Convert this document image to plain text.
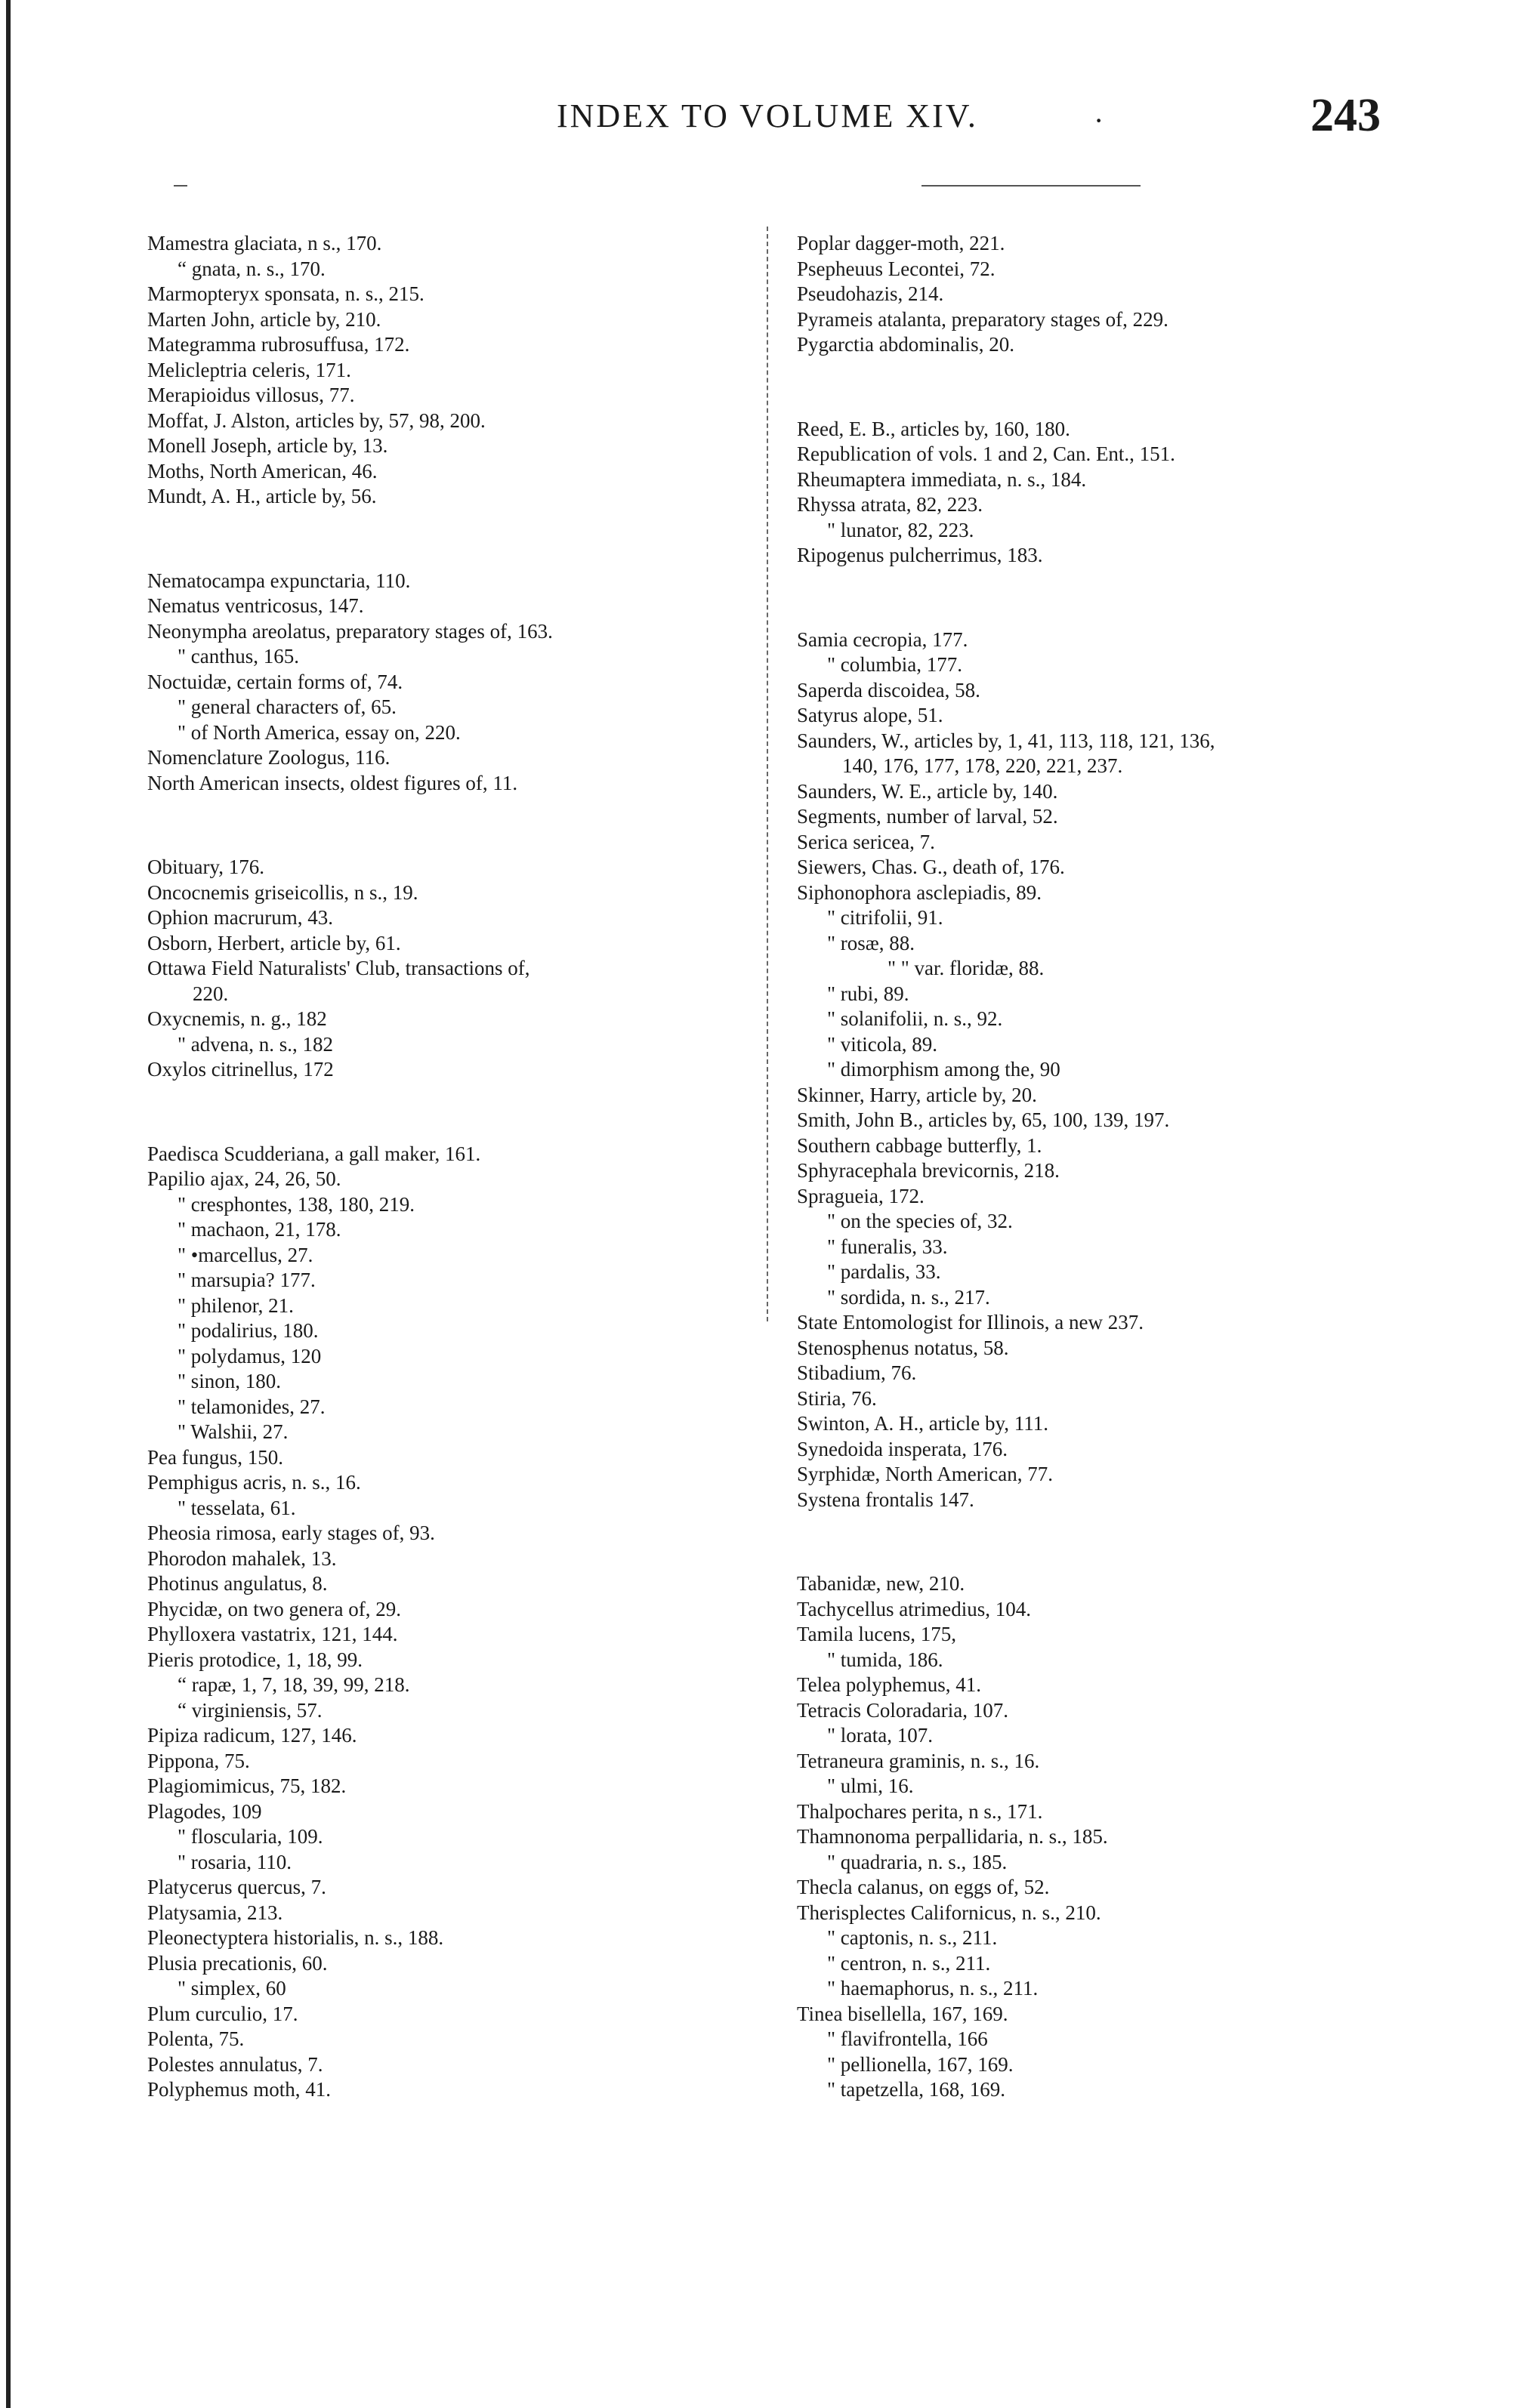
INDEX TO VOLUME XIV.	·	243
Mamestra glaciata, n s., 170.
“ gnata, n. s., 170.
Marmopteryx sponsata, n. s., 215.
Marten John, article by, 210.
Mategramma rubrosuffusa, 172.
Melicleptria celeris, 171.
Merapioidus villosus, 77.
Moffat, J. Alston, articles by, 57, 98, 200.
Monell Joseph, article by, 13.
Moths, North American, 46.
Mundt, A. H., article by, 56.
Nematocampa expunctaria, 110.
Nematus ventricosus, 147.
Neonympha areolatus, preparatory stages of, 163.
" canthus, 165.
Noctuidæ, certain forms of, 74.
" general characters of, 65.
" of North America, essay on, 220.
Nomenclature Zoologus, 116.
North American insects, oldest figures of, 11.
Obituary, 176.
Oncocnemis griseicollis, n s., 19.
Ophion macrurum, 43.
Osborn, Herbert, article by, 61.
Ottawa Field Naturalists' Club, transactions of,
220.
Oxycnemis, n. g., 182
" advena, n. s., 182
Oxylos citrinellus, 172
Paedisca Scudderiana, a gall maker, 161.
Papilio ajax, 24, 26, 50.
" cresphontes, 138, 180, 219.
" machaon, 21, 178.
" •marcellus, 27.
" marsupia? 177.
" philenor, 21.
" podalirius, 180.
" polydamus, 120
" sinon, 180.
" telamonides, 27.
" Walshii, 27.
Pea fungus, 150.
Pemphigus acris, n. s., 16.
" tesselata, 61.
Pheosia rimosa, early stages of, 93.
Phorodon mahalek, 13.
Photinus angulatus, 8.
Phycidæ, on two genera of, 29.
Phylloxera vastatrix, 121, 144.
Pieris protodice, 1, 18, 99.
“ rapæ, 1, 7, 18, 39, 99, 218.
“ virginiensis, 57.
Pipiza radicum, 127, 146.
Pippona, 75.
Plagiomimicus, 75, 182.
Plagodes, 109
" floscularia, 109.
" rosaria, 110.
Platycerus quercus, 7.
Platysamia, 213.
Pleonectyptera historialis, n. s., 188.
Plusia precationis, 60.
" simplex, 60
Plum curculio, 17.
Polenta, 75.
Polestes annulatus, 7.
Polyphemus moth, 41.
Poplar dagger-moth, 221.
Psepheuus Lecontei, 72.
Pseudohazis, 214.
Pyrameis atalanta, preparatory stages of, 229.
Pygarctia abdominalis, 20.
Reed, E. B., articles by, 160, 180.
Republication of vols. 1 and 2, Can. Ent., 151.
Rheumaptera immediata, n. s., 184.
Rhyssa atrata, 82, 223.
" lunator, 82, 223.
Ripogenus pulcherrimus, 183.
Samia cecropia, 177.
" columbia, 177.
Saperda discoidea, 58.
Satyrus alope, 51.
Saunders, W., articles by, 1, 41, 113, 118, 121, 136,
140, 176, 177, 178, 220, 221, 237.
Saunders, W. E., article by, 140.
Segments, number of larval, 52.
Serica sericea, 7.
Siewers, Chas. G., death of, 176.
Siphonophora asclepiadis, 89.
" citrifolii, 91.
" rosæ, 88.
" " var. floridæ, 88.
" rubi, 89.
" solanifolii, n. s., 92.
" viticola, 89.
" dimorphism among the, 90
Skinner, Harry, article by, 20.
Smith, John B., articles by, 65, 100, 139, 197.
Southern cabbage butterfly, 1.
Sphyracephala brevicornis, 218.
Spragueia, 172.
" on the species of, 32.
" funeralis, 33.
" pardalis, 33.
" sordida, n. s., 217.
State Entomologist for Illinois, a new 237.
Stenosphenus notatus, 58.
Stibadium, 76.
Stiria, 76.
Swinton, A. H., article by, 111.
Synedoida insperata, 176.
Syrphidæ, North American, 77.
Systena frontalis 147.
Tabanidæ, new, 210.
Tachycellus atrimedius, 104.
Tamila lucens, 175,
" tumida, 186.
Telea polyphemus, 41.
Tetracis Coloradaria, 107.
" lorata, 107.
Tetraneura graminis, n. s., 16.
" ulmi, 16.
Thalpochares perita, n s., 171.
Thamnonoma perpallidaria, n. s., 185.
" quadraria, n. s., 185.
Thecla calanus, on eggs of, 52.
Therisplectes Californicus, n. s., 210.
" captonis, n. s., 211.
" centron, n. s., 211.
" haemaphorus, n. s., 211.
Tinea bisellella, 167, 169.
" flavifrontella, 166
" pellionella, 167, 169.
" tapetzella, 168, 169.
